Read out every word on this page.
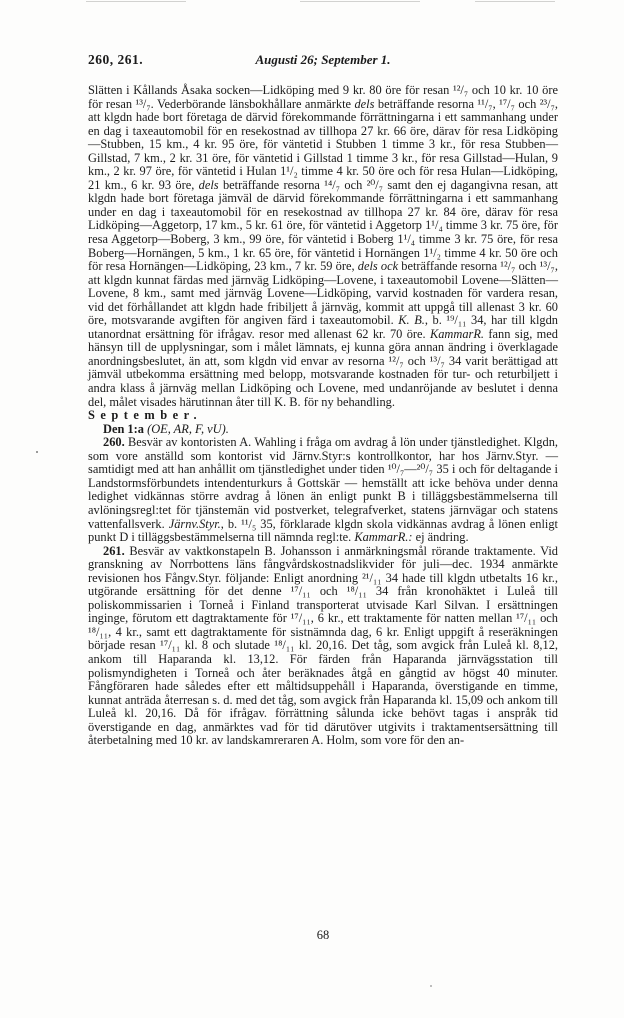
260, 261.	Augusti 26; September 1.

Slätten i Kållands Åsaka socken—Lidköping med 9 kr. 80 öre för resan ¹²/₇ och 10 kr. 10 öre för resan ¹³/₇. Vederbörande länsbokhållare anmärkte dels beträffande resorna ¹¹/₇, ¹⁷/₇ och ²³/₇, att klgdn hade bort företaga de därvid förekommande förrättningarna i ett sammanhang under en dag i taxeautomobil för en resekostnad av tillhopa 27 kr. 66 öre, därav för resa Lidköping—Stubben, 15 km., 4 kr. 95 öre, för väntetid i Stubben 1 timme 3 kr., för resa Stubben—Gillstad, 7 km., 2 kr. 31 öre, för väntetid i Gillstad 1 timme 3 kr., för resa Gillstad—Hulan, 9 km., 2 kr. 97 öre, för väntetid i Hulan 1¹/₂ timme 4 kr. 50 öre och för resa Hulan—Lidköping, 21 km., 6 kr. 93 öre, dels beträffande resorna ¹⁴/₇ och ²⁰/₇ samt den ej dagangivna resan, att klgdn hade bort företaga jämväl de därvid förekommande förrättningarna i ett sammanhang under en dag i taxeautomobil för en resekostnad av tillhopa 27 kr. 84 öre, därav för resa Lidköping—Aggetorp, 17 km., 5 kr. 61 öre, för väntetid i Aggetorp 1¹/₄ timme 3 kr. 75 öre, för resa Aggetorp—Boberg, 3 km., 99 öre, för väntetid i Boberg 1¹/₄ timme 3 kr. 75 öre, för resa Boberg—Hornängen, 5 km., 1 kr. 65 öre, för väntetid i Hornängen 1¹/₂ timme 4 kr. 50 öre och för resa Hornängen—Lidköping, 23 km., 7 kr. 59 öre, dels ock beträffande resorna ¹²/₇ och ¹³/₇, att klgdn kunnat färdas med järnväg Lidköping—Lovene, i taxeautomobil Lovene—Slätten—Lovene, 8 km., samt med järnväg Lovene—Lidköping, varvid kostnaden för vardera resan, vid det förhållandet att klgdn hade fribiljett å järnväg, kommit att uppgå till allenast 3 kr. 60 öre, motsvarande avgiften för angiven färd i taxeautomobil. K. B., b. ¹⁹/₁₁ 34, har till klgdn utanordnat ersättning för ifrågav. resor med allenast 62 kr. 70 öre. KammarR. fann sig, med hänsyn till de upplysningar, som i målet lämnats, ej kunna göra annan ändring i överklagade anordningsbeslutet, än att, som klgdn vid envar av resorna ¹²/₇ och ¹³/₇ 34 varit berättigad att jämväl utbekomma ersättning med belopp, motsvarande kostnaden för tur- och returbiljett i andra klass å järnväg mellan Lidköping och Lovene, med undanröjande av beslutet i denna del, målet visades härutinnan åter till K. B. för ny behandling.

September.

Den 1:a (OE, AR, F, vU).

260. Besvär av kontoristen A. Wahling i fråga om avdrag å lön under tjänstledighet. Klgdn, som vore anställd som kontorist vid Järnv.Styr:s kontrollkontor, har hos Järnv.Styr. — samtidigt med att han anhållit om tjänstledighet under tiden ¹⁰/₇—²⁰/₇ 35 i och för deltagande i Landstormsförbundets intendenturkurs å Gottskär — hemställt att icke behöva under denna ledighet vidkännas större avdrag å lönen än enligt punkt B i tilläggsbestämmelserna till avlöningsregl:tet för tjänstemän vid postverket, telegrafverket, statens järnvägar och statens vattenfallsverk. Järnv.Styr., b. ¹¹/₅ 35, förklarade klgdn skola vidkännas avdrag å lönen enligt punkt D i tilläggsbestämmelserna till nämnda regl:te. KammarR.: ej ändring.

261. Besvär av vaktkonstapeln B. Johansson i anmärkningsmål rörande traktamente. Vid granskning av Norrbottens läns fångvårdskostnadslikvider för juli—dec. 1934 anmärkte revisionen hos Fångv.Styr. följande: Enligt anordning ²¹/₁₁ 34 hade till klgdn utbetalts 16 kr., utgörande ersättning för det denne ¹⁷/₁₁ och ¹⁸/₁₁ 34 från kronohäktet i Luleå till poliskommissarien i Torneå i Finland transporterat utvisade Karl Silvan. I ersättningen inginge, förutom ett dagtraktamente för ¹⁷/₁₁, 6 kr., ett traktamente för natten mellan ¹⁷/₁₁ och ¹⁸/₁₁, 4 kr., samt ett dagtraktamente för sistnämnda dag, 6 kr. Enligt uppgift å reseräkningen började resan ¹⁷/₁₁ kl. 8 och slutade ¹⁸/₁₁ kl. 20,16. Det tåg, som avgick från Luleå kl. 8,12, ankom till Haparanda kl. 13,12. För färden från Haparanda järnvägsstation till polismyndigheten i Torneå och åter beräknades åtgå en gångtid av högst 40 minuter. Fångföraren hade således efter ett måltidsuppehåll i Haparanda, överstigande en timme, kunnat anträda återresan s. d. med det tåg, som avgick från Haparanda kl. 15,09 och ankom till Luleå kl. 20,16. Då för ifrågav. förrättning sålunda icke behövt tagas i anspråk tid överstigande en dag, anmärktes vad för tid därutöver utgivits i traktamentsersättning till återbetalning med 10 kr. av landskamreraren A. Holm, som vore för den an-

68
